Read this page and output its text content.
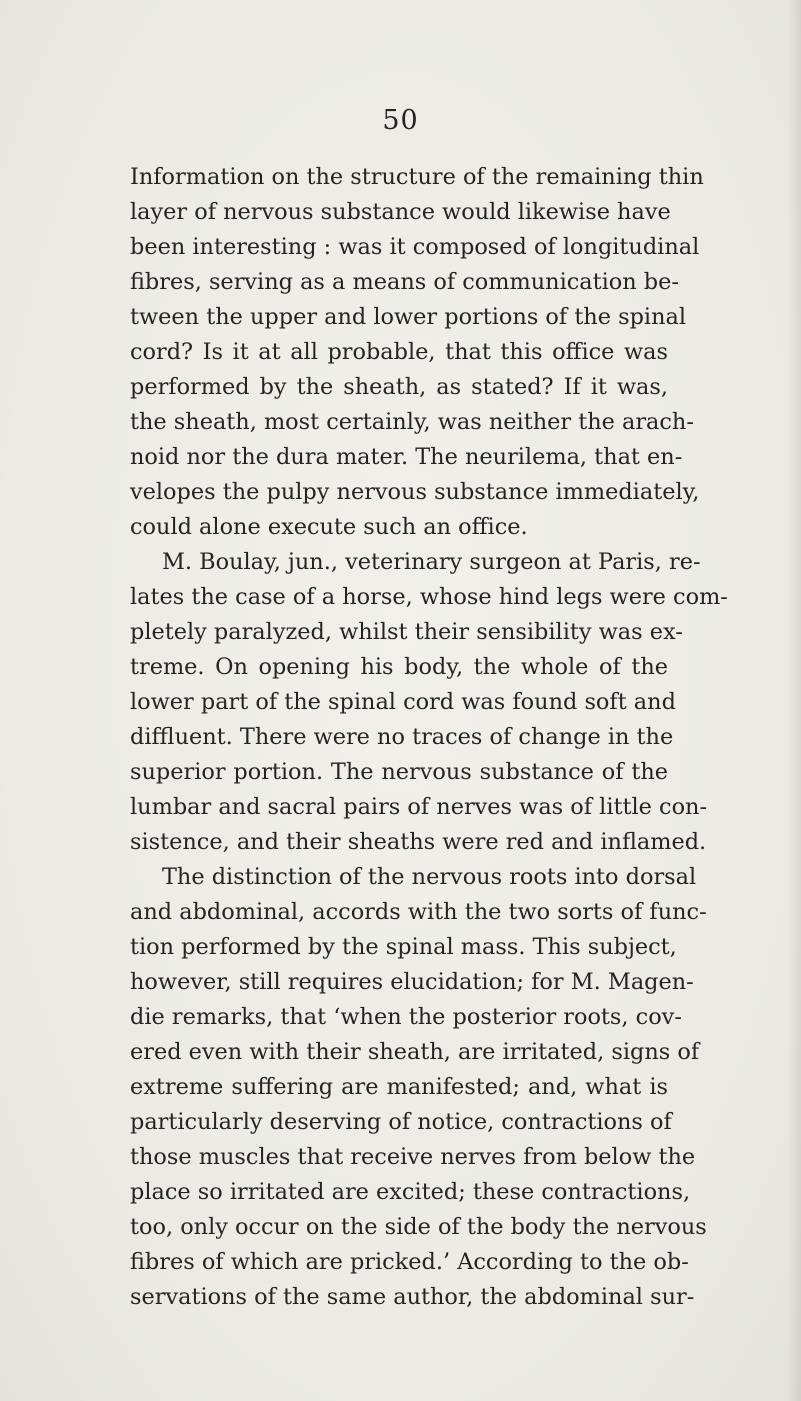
50
Information on the structure of the remaining thin
layer of nervous substance would likewise have
been interesting : was it composed of longitudinal
fibres, serving as a means of communication be-
tween the upper and lower portions of the spinal
cord? Is it at all probable, that this office was
performed by the sheath, as stated? If it was,
the sheath, most certainly, was neither the arach-
noid nor the dura mater. The neurilema, that en-
velopes the pulpy nervous substance immediately,
could alone execute such an office.
M. Boulay, jun., veterinary surgeon at Paris, re-
lates the case of a horse, whose hind legs were com-
pletely paralyzed, whilst their sensibility was ex-
treme. On opening his body, the whole of the
lower part of the spinal cord was found soft and
diffluent. There were no traces of change in the
superior portion. The nervous substance of the
lumbar and sacral pairs of nerves was of little con-
sistence, and their sheaths were red and inflamed.
The distinction of the nervous roots into dorsal
and abdominal, accords with the two sorts of func-
tion performed by the spinal mass. This subject,
however, still requires elucidation; for M. Magen-
die remarks, that ‘when the posterior roots, cov-
ered even with their sheath, are irritated, signs of
extreme suffering are manifested; and, what is
particularly deserving of notice, contractions of
those muscles that receive nerves from below the
place so irritated are excited; these contractions,
too, only occur on the side of the body the nervous
fibres of which are pricked.’ According to the ob-
servations of the same author, the abdominal sur-
